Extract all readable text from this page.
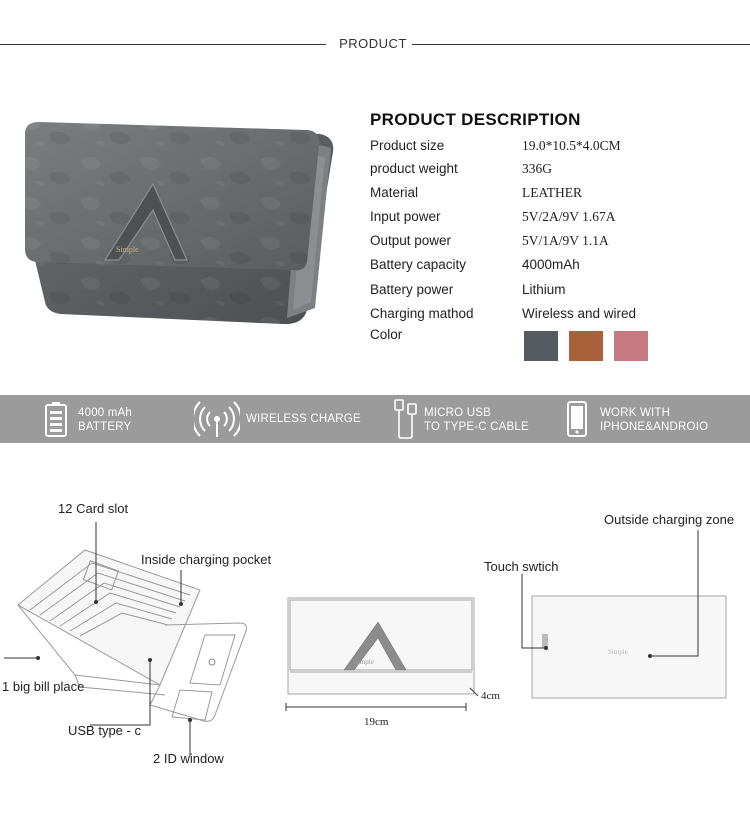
PRODUCT
Simple
PRODUCT DESCRIPTION
Product size	19.0*10.5*4.0CM
product weight	336G
Material	LEATHER
Input power	5V/2A/9V 1.67A
Output power	5V/1A/9V 1.1A
Battery capacity	4000mAh
Battery power	Lithium
Charging mathod	Wireless and wired
Color
4000 mAh
BATTERY
WIRELESS CHARGE	MICRO USB
TO TYPE-C CABLE
WORK WITH
IPHONE&ANDROIO
12 Card slot
Inside charging pocket
1 big bill place
USB type - c
2 ID window
Simple
19cm
4cm
Simple
Touch swtich
Outside charging zone
